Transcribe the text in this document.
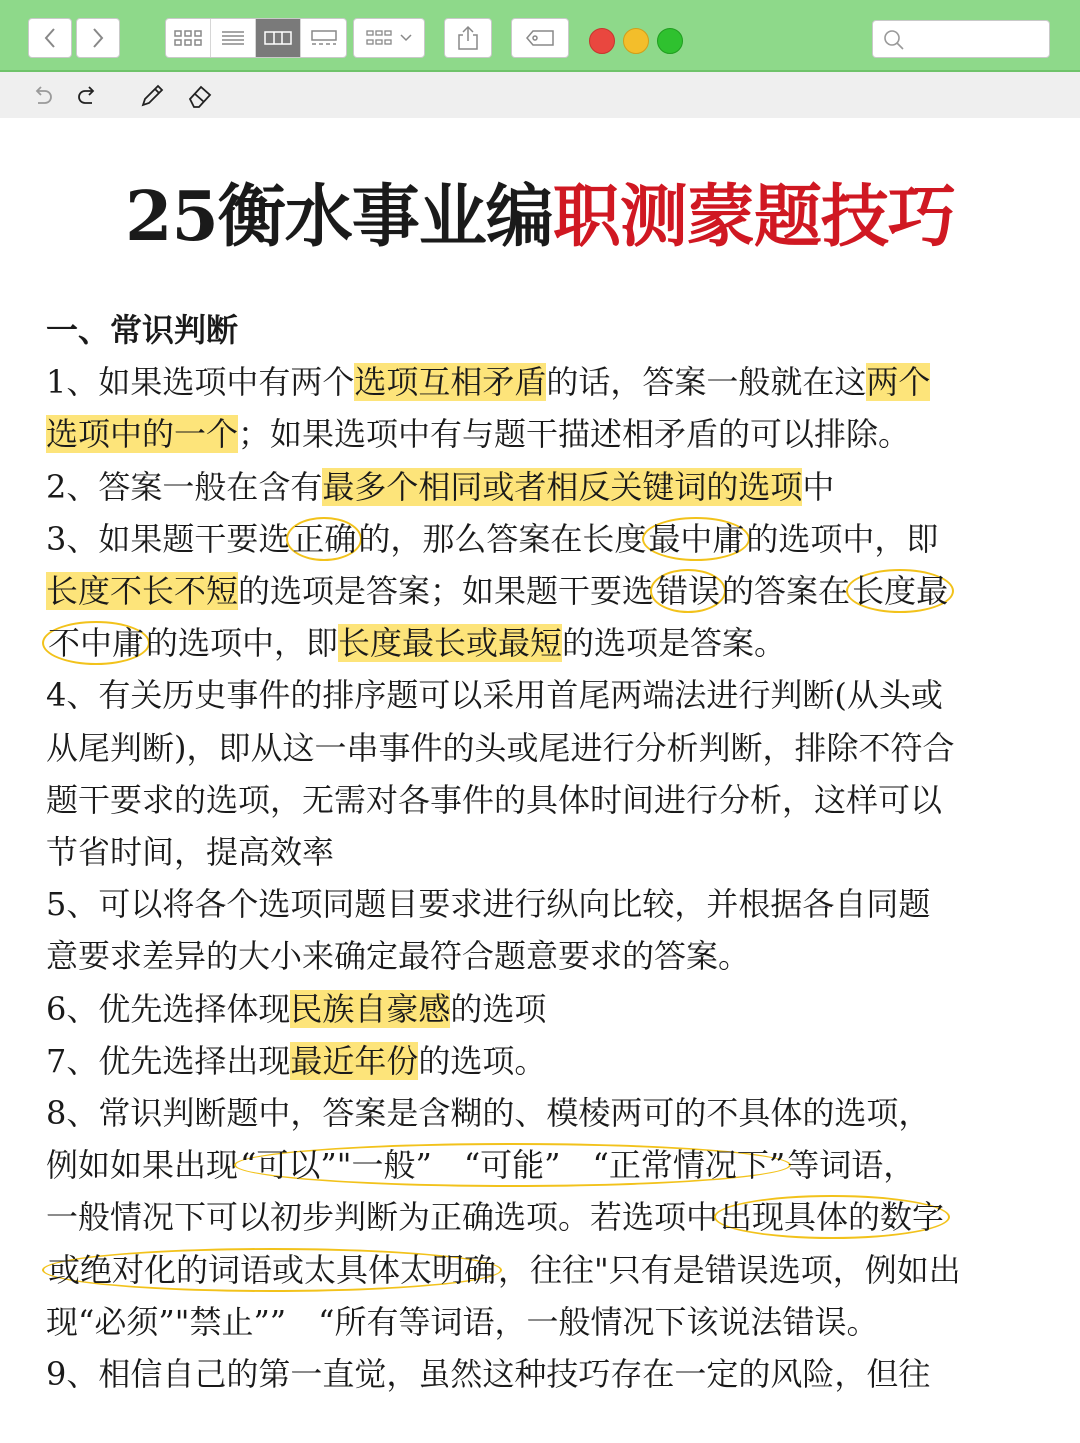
25衡水事业编职测蒙题技巧
一、常识判断
1、如果选项中有两个选项互相矛盾的话，答案一般就在这两个
选项中的一个；如果选项中有与题干描述相矛盾的可以排除。
2、答案一般在含有最多个相同或者相反关键词的选项中
3、如果题干要选正确的，那么答案在长度最中庸的选项中，即
长度不长不短的选项是答案；如果题干要选错误的答案在长度最
不中庸的选项中，即长度最长或最短的选项是答案。
4、有关历史事件的排序题可以采用首尾两端法进行判断(从头或
从尾判断)，即从这一串事件的头或尾进行分析判断，排除不符合
题干要求的选项，无需对各事件的具体时间进行分析，这样可以
节省时间，提高效率
5、可以将各个选项同题目要求进行纵向比较，并根据各自同题
意要求差异的大小来确定最符合题意要求的答案。
6、优先选择体现民族自豪感的选项
7、优先选择出现最近年份的选项。
8、常识判断题中，答案是含糊的、模棱两可的不具体的选项，
例如如果出现“可以”"一般”　“可能”　“正常情况下”等词语，
一般情况下可以初步判断为正确选项。若选项中出现具体的数字
或绝对化的词语或太具体太明确，往往"只有是错误选项，例如出
现“必须”"禁止””　“所有等词语，一般情况下该说法错误。
9、相信自己的第一直觉，虽然这种技巧存在一定的风险，但往
